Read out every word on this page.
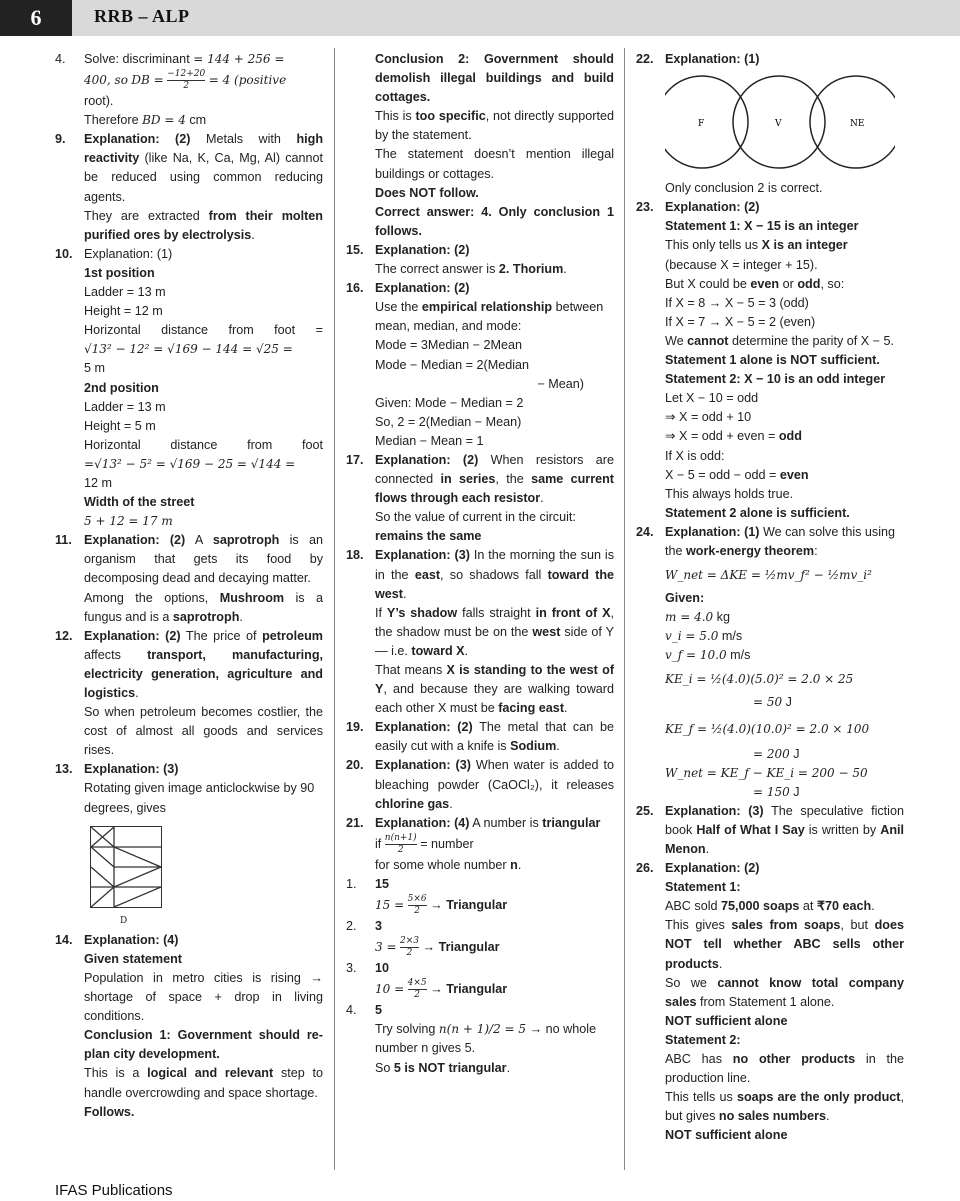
6	RRB – ALP
4. Solve: discriminant = 144 + 256 =
400, so DB = $\frac{-12+20}{2} = 4$ (positive
root).
Therefore BD = 4 cm
9. Explanation: (2) Metals with high reactivity (like Na, K, Ca, Mg, Al) cannot be reduced using common reducing agents.
They are extracted from their molten purified ores by electrolysis.
10. Explanation: (1)
1st position
Ladder = 13 m
Height = 12 m

Horizontal distance from foot =
√13² − 12² = √169 − 144 = √25 =
5 m
2nd position
Ladder = 13 m
Height = 5 m

Horizontal distance from foot
=√13² − 5² = √169 − 25 = √144 =
12 m
Width of the street
5 + 12 = 17 m
11. Explanation: (2) A saprotroph is an organism that gets its food by decomposing dead and decaying matter.
Among the options, Mushroom is a fungus and is a saprotroph.
12. Explanation: (2) The price of petroleum affects transport, manufacturing, electricity generation, agriculture and logistics.
So when petroleum becomes costlier, the cost of almost all goods and services rises.
13. Explanation: (3)
Rotating given image anticlockwise by 90 degrees, gives
D
14. Explanation: (4)
Given statement
Population in metro cities is rising → shortage of space + drop in living conditions.
Conclusion 1: Government should re-plan city development.
This is a logical and relevant step to handle overcrowding and space shortage.
Follows.
Conclusion 2: Government should demolish illegal buildings and build cottages.
This is too specific, not directly supported by the statement.
The statement doesn’t mention illegal buildings or cottages.
Does NOT follow.
Correct answer: 4. Only conclusion 1 follows.
15. Explanation: (2)
The correct answer is 2. Thorium.
16. Explanation: (2)
Use the empirical relationship between mean, median, and mode:
Mode = 3Median − 2Mean
Mode − Median = 2(Median

− Mean)
Given: Mode − Median = 2
So, 2 = 2(Median − Mean)
Median − Mean = 1
17. Explanation: (2) When resistors are connected in series, the same current flows through each resistor.
So the value of current in the circuit:
remains the same
18. Explanation: (3) In the morning the sun is in the east, so shadows fall toward the west.
If Y’s shadow falls straight in front of X, the shadow must be on the west side of Y — i.e. toward X.
That means X is standing to the west of Y, and because they are walking toward each other X must be facing east.
19. Explanation: (2) The metal that can be easily cut with a knife is Sodium.
20. Explanation: (3) When water is added to bleaching powder (CaOCl₂), it releases chlorine gas.
21. Explanation: (4) A number is triangular
if $\frac{n(n+1)}{2}$ = number
for some whole number n.
1. 15
$15 = \frac{5\times 6}{2}$ → Triangular
2. 3
$3 = \frac{2\times 3}{2}$ → Triangular
3. 10
$10 = \frac{4\times 5}{2}$ → Triangular
4. 5
Try solving n(n + 1)/2 = 5 → no whole number n gives 5.
So 5 is NOT triangular.
22. Explanation: (1)
F	V	NE
Only conclusion 2 is correct.
23. Explanation: (2)
Statement 1: X − 15 is an integer
This only tells us X is an integer
(because X = integer + 15).
But X could be even or odd, so:
If X = 8 → X − 5 = 3 (odd)
If X = 7 → X − 5 = 2 (even)
We cannot determine the parity of X − 5.
Statement 1 alone is NOT sufficient.
Statement 2: X − 10 is an odd integer
Let X − 10 = odd
⇒ X = odd + 10
⇒ X = odd + even = odd
If X is odd:
X − 5 = odd − odd = even
This always holds true.
Statement 2 alone is sufficient.
24. Explanation: (1) We can solve this using the work-energy theorem:

W_net = ΔKE = ½mv_f² − ½mv_i²
Given:
m = 4.0 kg
v_i = 5.0 m/s
v_f = 10.0 m/s

KE_i = ½(4.0)(5.0)² = 2.0 × 25
= 50 J
KE_f = ½(4.0)(10.0)² = 2.0 × 100
= 200 J
W_net = KE_f − KE_i = 200 − 50
= 150 J
25. Explanation: (3) The speculative fiction book Half of What I Say is written by Anil Menon.
26. Explanation: (2)
Statement 1:
ABC sold 75,000 soaps at ₹70 each.
This gives sales from soaps, but does NOT tell whether ABC sells other products.
So we cannot know total company sales from Statement 1 alone.
NOT sufficient alone
Statement 2:
ABC has no other products in the production line.
This tells us soaps are the only product, but gives no sales numbers.
NOT sufficient alone
IFAS Publications
